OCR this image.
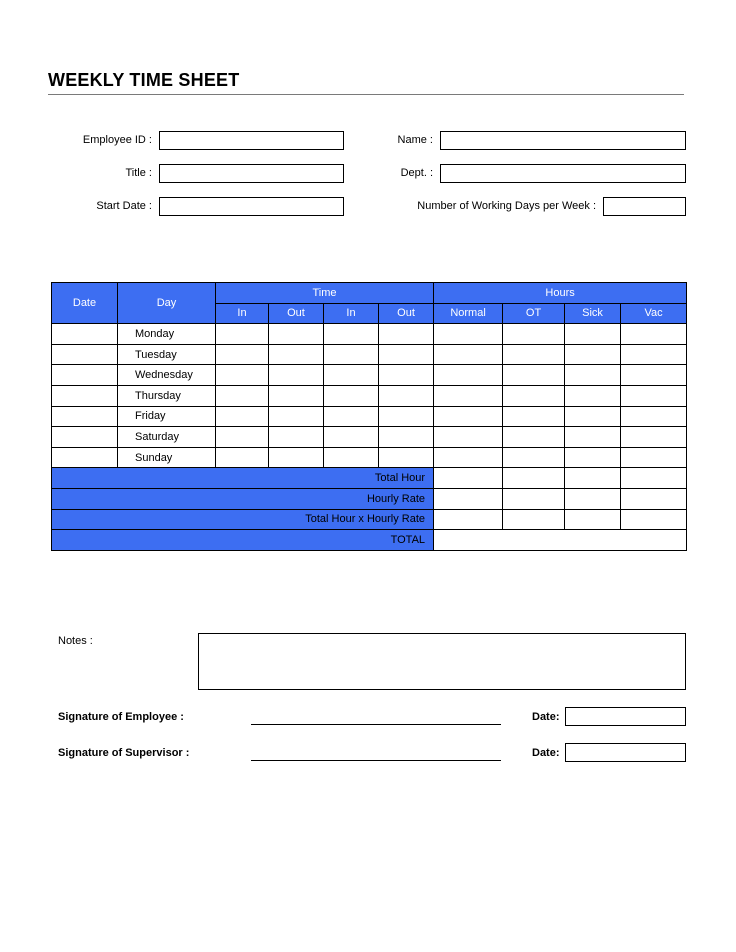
WEEKLY TIME SHEET
Employee ID :	Name :
Title :	Dept. :
Start Date :	Number of Working Days per Week :
Date	Day	Time				Hours			
		In	Out	In	Out	Normal	OT	Sick	Vac
	Monday								
	Tuesday								
	Wednesday								
	Thursday								
	Friday								
	Saturday								
	Sunday								
Total Hour									
Hourly Rate									
Total Hour x Hourly Rate									
TOTAL									
Notes :
Signature of Employee :	Date:
Signature of Supervisor :	Date:
